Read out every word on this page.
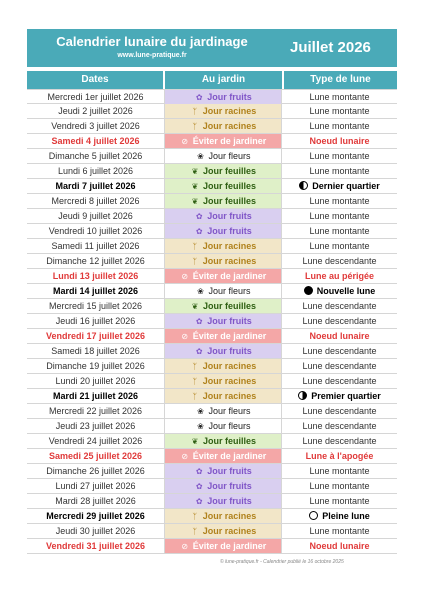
Calendrier lunaire du jardinage
www.lune-pratique.fr	Juillet 2026
Dates	Au jardin	Type de lune
Mercredi 1er juillet 2026	✿ Jour fruits	Lune montante
Jeudi 2 juillet 2026	ᛉ Jour racines	Lune montante
Vendredi 3 juillet 2026	ᛉ Jour racines	Lune montante
Samedi 4 juillet 2026	⊘ Éviter de jardiner	Noeud lunaire
Dimanche 5 juillet 2026	❀ Jour fleurs	Lune montante
Lundi 6 juillet 2026	❦ Jour feuilles	Lune montante
Mardi 7 juillet 2026	❦ Jour feuilles	Dernier quartier
Mercredi 8 juillet 2026	❦ Jour feuilles	Lune montante
Jeudi 9 juillet 2026	✿ Jour fruits	Lune montante
Vendredi 10 juillet 2026	✿ Jour fruits	Lune montante
Samedi 11 juillet 2026	ᛉ Jour racines	Lune montante
Dimanche 12 juillet 2026	ᛉ Jour racines	Lune descendante
Lundi 13 juillet 2026	⊘ Éviter de jardiner	Lune au périgée
Mardi 14 juillet 2026	❀ Jour fleurs	Nouvelle lune
Mercredi 15 juillet 2026	❦ Jour feuilles	Lune descendante
Jeudi 16 juillet 2026	✿ Jour fruits	Lune descendante
Vendredi 17 juillet 2026	⊘ Éviter de jardiner	Noeud lunaire
Samedi 18 juillet 2026	✿ Jour fruits	Lune descendante
Dimanche 19 juillet 2026	ᛉ Jour racines	Lune descendante
Lundi 20 juillet 2026	ᛉ Jour racines	Lune descendante
Mardi 21 juillet 2026	ᛉ Jour racines	Premier quartier
Mercredi 22 juillet 2026	❀ Jour fleurs	Lune descendante
Jeudi 23 juillet 2026	❀ Jour fleurs	Lune descendante
Vendredi 24 juillet 2026	❦ Jour feuilles	Lune descendante
Samedi 25 juillet 2026	⊘ Éviter de jardiner	Lune à l'apogée
Dimanche 26 juillet 2026	✿ Jour fruits	Lune montante
Lundi 27 juillet 2026	✿ Jour fruits	Lune montante
Mardi 28 juillet 2026	✿ Jour fruits	Lune montante
Mercredi 29 juillet 2026	ᛉ Jour racines	Pleine lune
Jeudi 30 juillet 2026	ᛉ Jour racines	Lune montante
Vendredi 31 juillet 2026	⊘ Éviter de jardiner	Noeud lunaire
© lune-pratique.fr - Calendrier publié le 16 octobre 2025
